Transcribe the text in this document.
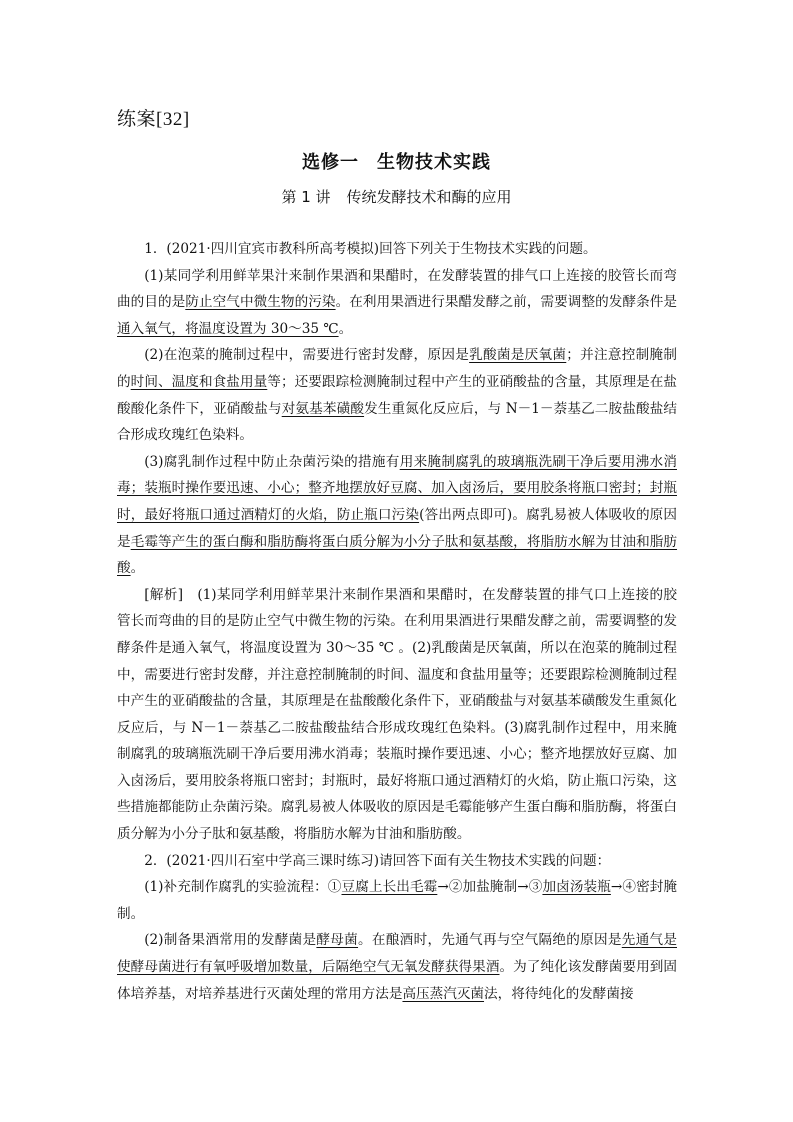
练案[32]
选修一 生物技术实践
第 1 讲 传统发酵技术和酶的应用

1．(2021·四川宜宾市教科所高考模拟)回答下列关于生物技术实践的问题。

(1)某同学利用鲜苹果汁来制作果酒和果醋时，在发酵装置的排气口上连接的胶管长而弯曲的目的是防止空气中微生物的污染。在利用果酒进行果醋发酵之前，需要调整的发酵条件是通入氧气，将温度设置为 30～35 ℃。

(2)在泡菜的腌制过程中，需要进行密封发酵，原因是乳酸菌是厌氧菌；并注意控制腌制的时间、温度和食盐用量等；还要跟踪检测腌制过程中产生的亚硝酸盐的含量，其原理是在盐酸酸化条件下，亚硝酸盐与对氨基苯磺酸发生重氮化反应后，与 N－1－萘基乙二胺盐酸盐结合形成玫瑰红色染料。

(3)腐乳制作过程中防止杂菌污染的措施有用来腌制腐乳的玻璃瓶洗刷干净后要用沸水消毒；装瓶时操作要迅速、小心；整齐地摆放好豆腐、加入卤汤后，要用胶条将瓶口密封；封瓶时，最好将瓶口通过酒精灯的火焰，防止瓶口污染(答出两点即可)。腐乳易被人体吸收的原因是毛霉等产生的蛋白酶和脂肪酶将蛋白质分解为小分子肽和氨基酸，将脂肪水解为甘油和脂肪酸。

[解析]　(1)某同学利用鲜苹果汁来制作果酒和果醋时，在发酵装置的排气口上连接的胶管长而弯曲的目的是防止空气中微生物的污染。在利用果酒进行果醋发酵之前，需要调整的发酵条件是通入氧气，将温度设置为 30～35 ℃ 。(2)乳酸菌是厌氧菌，所以在泡菜的腌制过程中，需要进行密封发酵，并注意控制腌制的时间、温度和食盐用量等；还要跟踪检测腌制过程中产生的亚硝酸盐的含量，其原理是在盐酸酸化条件下，亚硝酸盐与对氨基苯磺酸发生重氮化反应后，与 N－1－萘基乙二胺盐酸盐结合形成玫瑰红色染料。(3)腐乳制作过程中，用来腌制腐乳的玻璃瓶洗刷干净后要用沸水消毒；装瓶时操作要迅速、小心；整齐地摆放好豆腐、加入卤汤后，要用胶条将瓶口密封；封瓶时，最好将瓶口通过酒精灯的火焰，防止瓶口污染，这些措施都能防止杂菌污染。腐乳易被人体吸收的原因是毛霉能够产生蛋白酶和脂肪酶，将蛋白质分解为小分子肽和氨基酸，将脂肪水解为甘油和脂肪酸。

2．(2021·四川石室中学高三课时练习)请回答下面有关生物技术实践的问题：

(1)补充制作腐乳的实验流程：①豆腐上长出毛霉→②加盐腌制→③加卤汤装瓶→④密封腌制。

(2)制备果酒常用的发酵菌是酵母菌。在酿酒时，先通气再与空气隔绝的原因是先通气是使酵母菌进行有氧呼吸增加数量，后隔绝空气无氧发酵获得果酒。为了纯化该发酵菌要用到固体培养基，对培养基进行灭菌处理的常用方法是高压蒸汽灭菌法，将待纯化的发酵菌接
